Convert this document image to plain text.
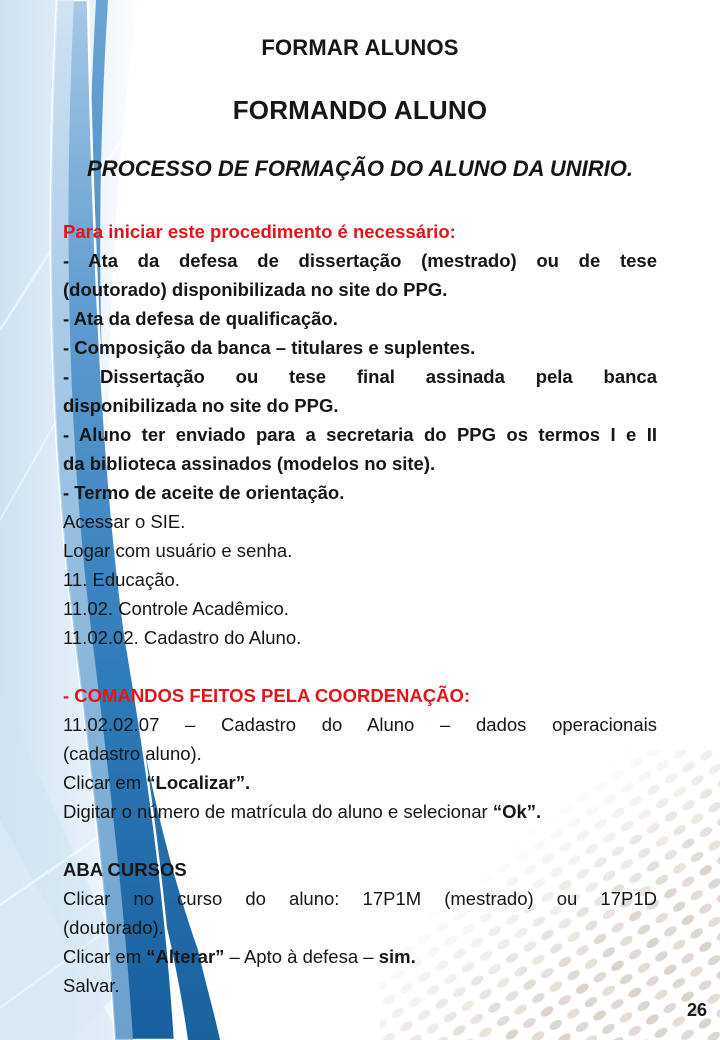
FORMAR ALUNOS
FORMANDO ALUNO
PROCESSO DE FORMAÇÃO DO ALUNO DA UNIRIO.
Para iniciar este procedimento é necessário:
- Ata da defesa de dissertação (mestrado) ou de tese
(doutorado) disponibilizada no site do PPG.
- Ata da defesa de qualificação.
- Composição da banca – titulares e suplentes.
- Dissertação ou tese final assinada pela banca
disponibilizada no site do PPG.
- Aluno ter enviado para a secretaria do PPG os termos I e II
da biblioteca assinados (modelos no site).
- Termo de aceite de orientação.
Acessar o SIE.
Logar com usuário e senha.
11. Educação.
11.02. Controle Acadêmico.
11.02.02. Cadastro do Aluno.
- COMANDOS FEITOS PELA COORDENAÇÃO:
11.02.02.07 – Cadastro do Aluno – dados operacionais
(cadastro aluno).
Clicar em “Localizar”.
Digitar o número de matrícula do aluno e selecionar “Ok”.
ABA CURSOS
Clicar no curso do aluno: 17P1M (mestrado) ou 17P1D
(doutorado).
Clicar em “Alterar” – Apto à defesa – sim.
Salvar.
26
